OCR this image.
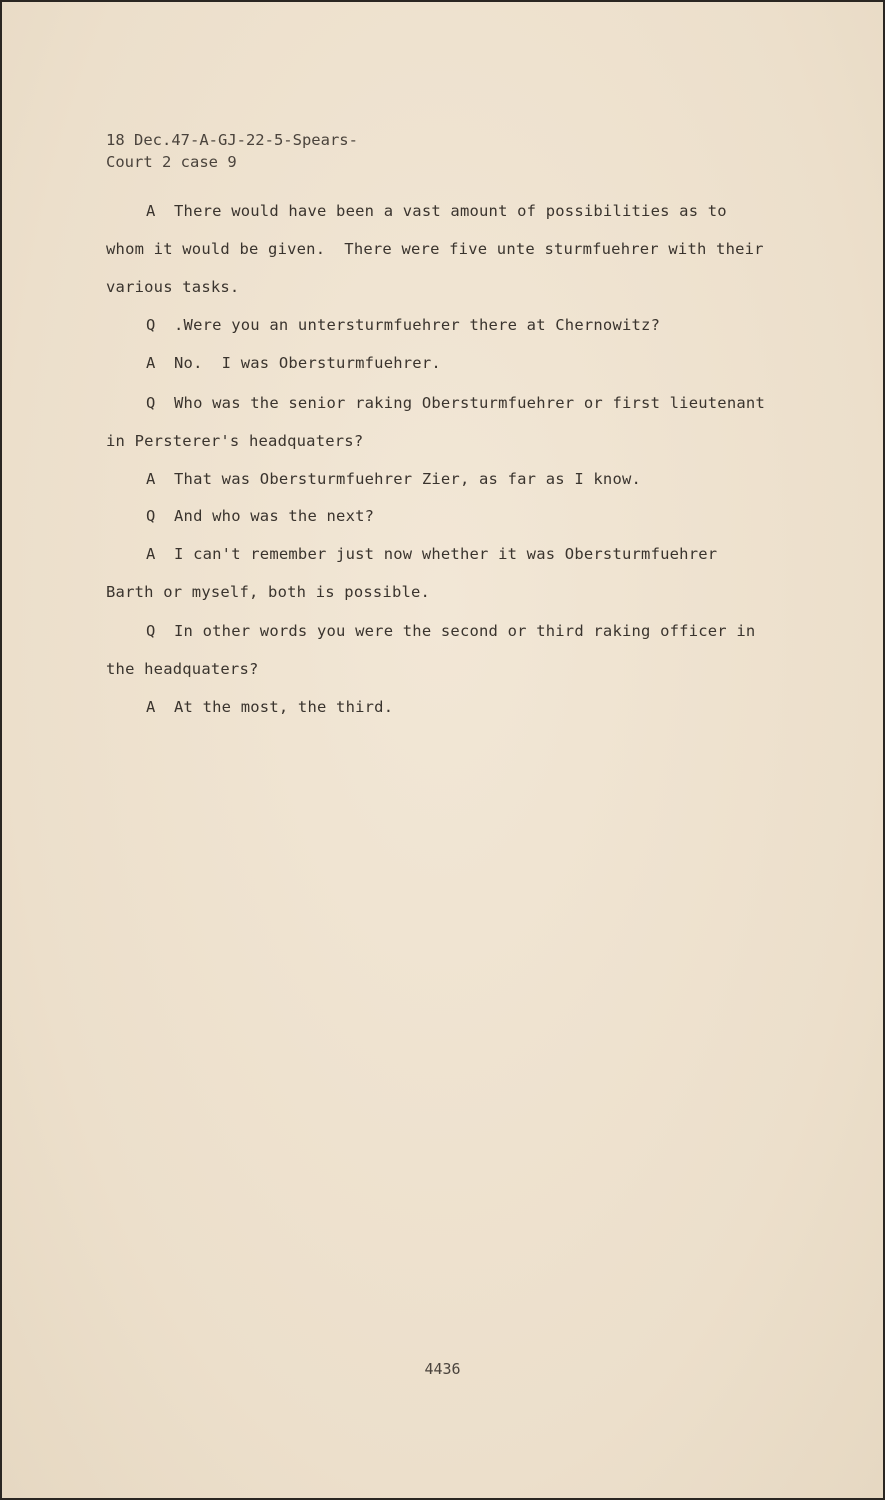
18 Dec.47-A-GJ-22-5-Spears-
Court 2 case 9
A There would have been a vast amount of possibilities as to
whom it would be given.  There were five unte sturmfuehrer with their
various tasks.
Q .Were you an untersturmfuehrer there at Chernowitz?
A No.  I was Obersturmfuehrer.
Q Who was the senior raking Obersturmfuehrer or first lieutenant
in Persterer's headquaters?
A That was Obersturmfuehrer Zier, as far as I know.
Q And who was the next?
A I can't remember just now whether it was Obersturmfuehrer
Barth or myself, both is possible.
Q In other words you were the second or third raking officer in
the headquaters?
A At the most, the third.
4436
